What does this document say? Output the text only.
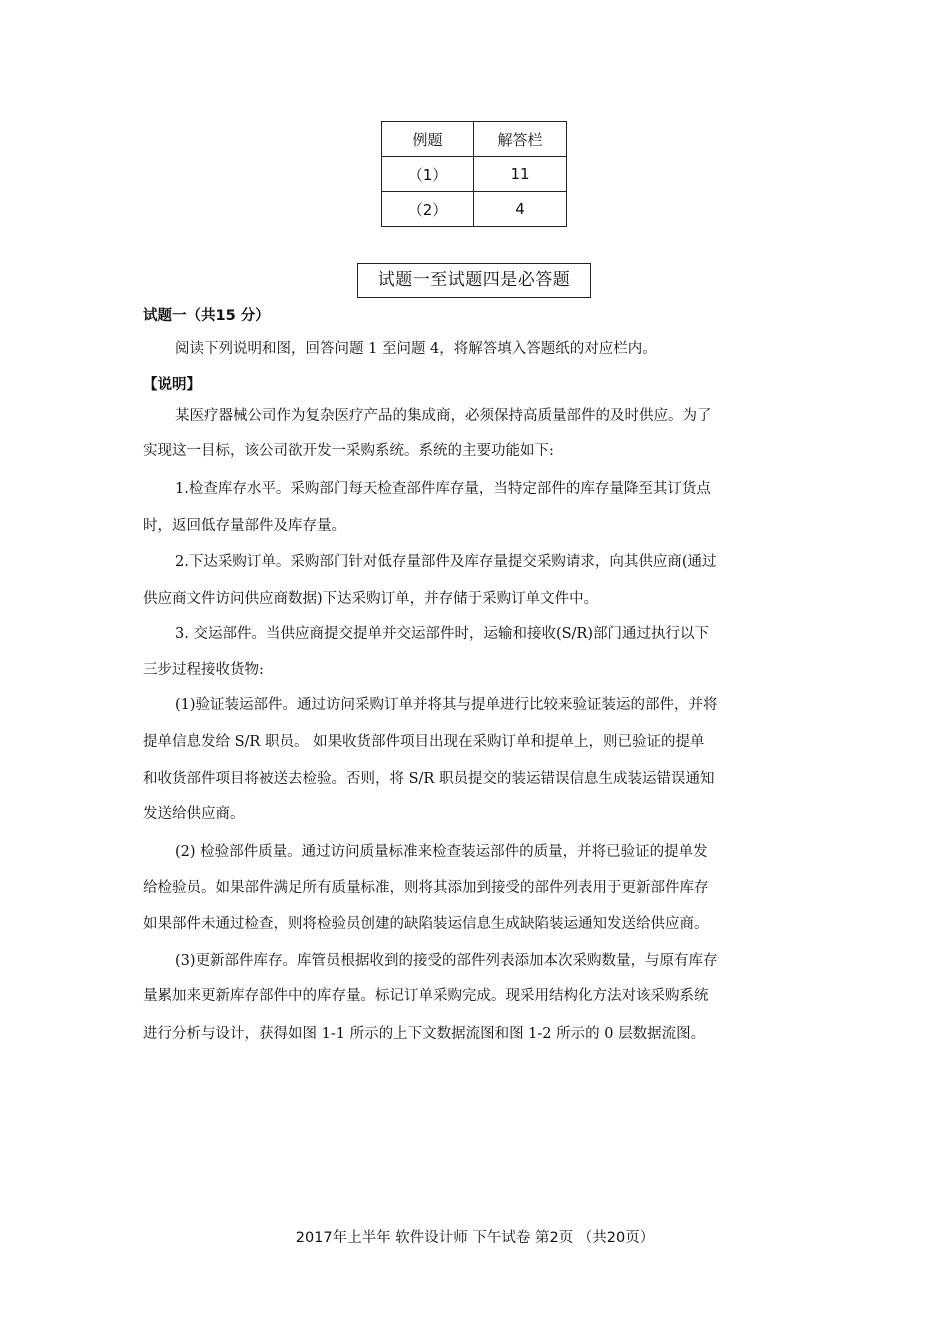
例题	解答栏
（1）	11
（2）	4
试题一至试题四是必答题
试题一（共15 分）
阅读下列说明和图，回答问题 1 至问题 4，将解答填入答题纸的对应栏内。
【说明】
某医疗器械公司作为复杂医疗产品的集成商，必须保持高质量部件的及时供应。为了
实现这一目标，该公司欲开发一采购系统。系统的主要功能如下:
1.检查库存水平。采购部门每天检查部件库存量，当特定部件的库存量降至其订货点
时，返回低存量部件及库存量。
2.下达采购订单。采购部门针对低存量部件及库存量提交采购请求，向其供应商(通过
供应商文件访问供应商数据)下达采购订单，并存储于采购订单文件中。
3. 交运部件。当供应商提交提单并交运部件时，运输和接收(S/R)部门通过执行以下
三步过程接收货物:
(1)验证装运部件。通过访问采购订单并将其与提单进行比较来验证装运的部件，并将
提单信息发给 S/R 职员。 如果收货部件项目出现在采购订单和提单上，则已验证的提单
和收货部件项目将被送去检验。否则，将 S/R 职员提交的装运错误信息生成装运错误通知
发送给供应商。
(2) 检验部件质量。通过访问质量标准来检查装运部件的质量，并将已验证的提单发
给检验员。如果部件满足所有质量标准，则将其添加到接受的部件列表用于更新部件库存
如果部件未通过检查，则将检验员创建的缺陷装运信息生成缺陷装运通知发送给供应商。
(3)更新部件库存。库管员根据收到的接受的部件列表添加本次采购数量，与原有库存
量累加来更新库存部件中的库存量。标记订单采购完成。现采用结构化方法对该采购系统
进行分析与设计，获得如图 1-1 所示的上下文数据流图和图 1-2 所示的 0 层数据流图。
2017年上半年 软件设计师 下午试卷 第2页 （共20页）
